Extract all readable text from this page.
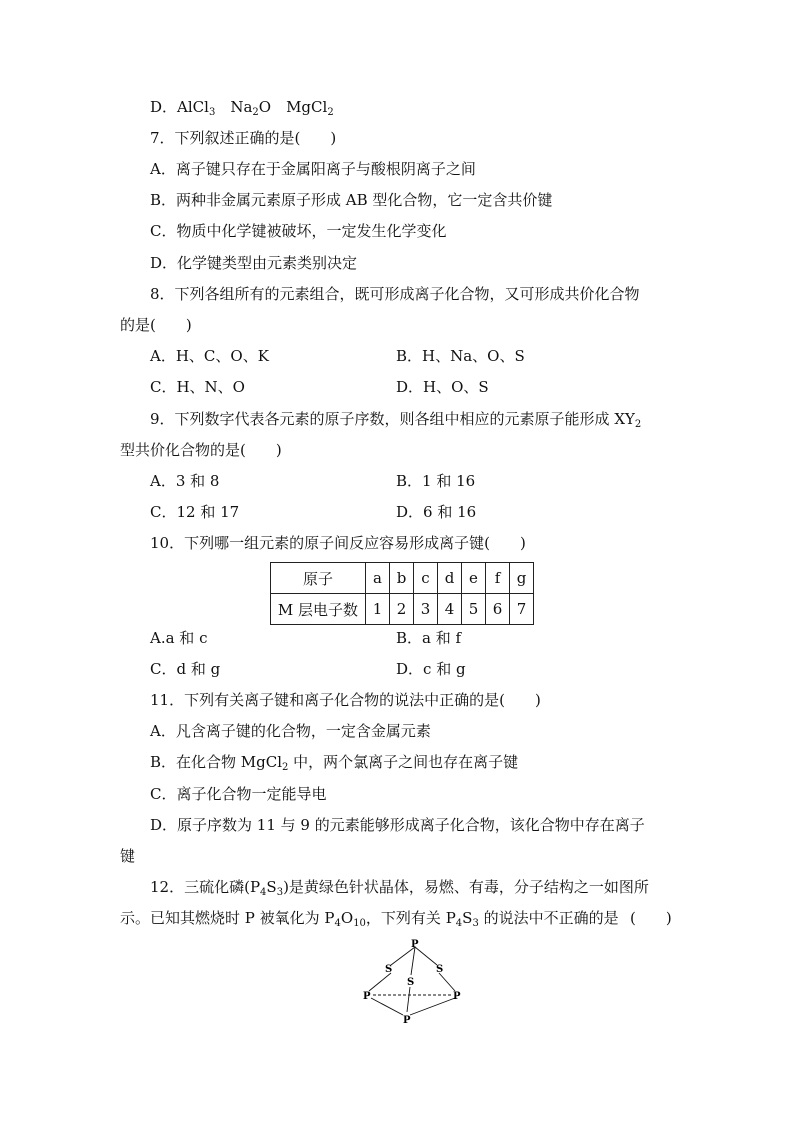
D．AlCl$_3$　$Na_2O$　MgCl$_2$
7．下列叙述正确的是(　　)
A．离子键只存在于金属阳离子与酸根阴离子之间
B．两种非金属元素原子形成 AB 型化合物，它一定含共价键
C．物质中化学键被破坏，一定发生化学变化
D．化学键类型由元素类别决定
8．下列各组所有的元素组合，既可形成离子化合物，又可形成共价化合物
的是(　　)
A．H、C、O、K	B．H、Na、O、S
C．H、N、O	D．H、O、S
9．下列数字代表各元素的原子序数，则各组中相应的元素原子能形成 $XY_2$
型共价化合物的是(　　)
A．3 和 8	B．1 和 16
C．12 和 17	D．6 和 16
10．下列哪一组元素的原子间反应容易形成离子键(　　)
原子	a	b	c	d	e	f	g
M 层电子数	1	2	3	4	5	6	7
A.a 和 c	B．a 和 f
C．d 和 g	D．c 和 g
11．下列有关离子键和离子化合物的说法中正确的是(　　)
A．凡含离子键的化合物，一定含金属元素
B．在化合物 MgCl$_2$ 中，两个氯离子之间也存在离子键
C．离子化合物一定能导电
D．原子序数为 11 与 9 的元素能够形成离子化合物，该化合物中存在离子
键
12．三硫化磷$(P_4S_3)$是黄绿色针状晶体，易燃、有毒，分子结构之一如图所
示。已知其燃烧时 P 被氧化为 $P_4O_{10}$，下列有关 $P_4S_3$ 的说法中不正确的是 (　　)
P
S
S
S
P	P
P
